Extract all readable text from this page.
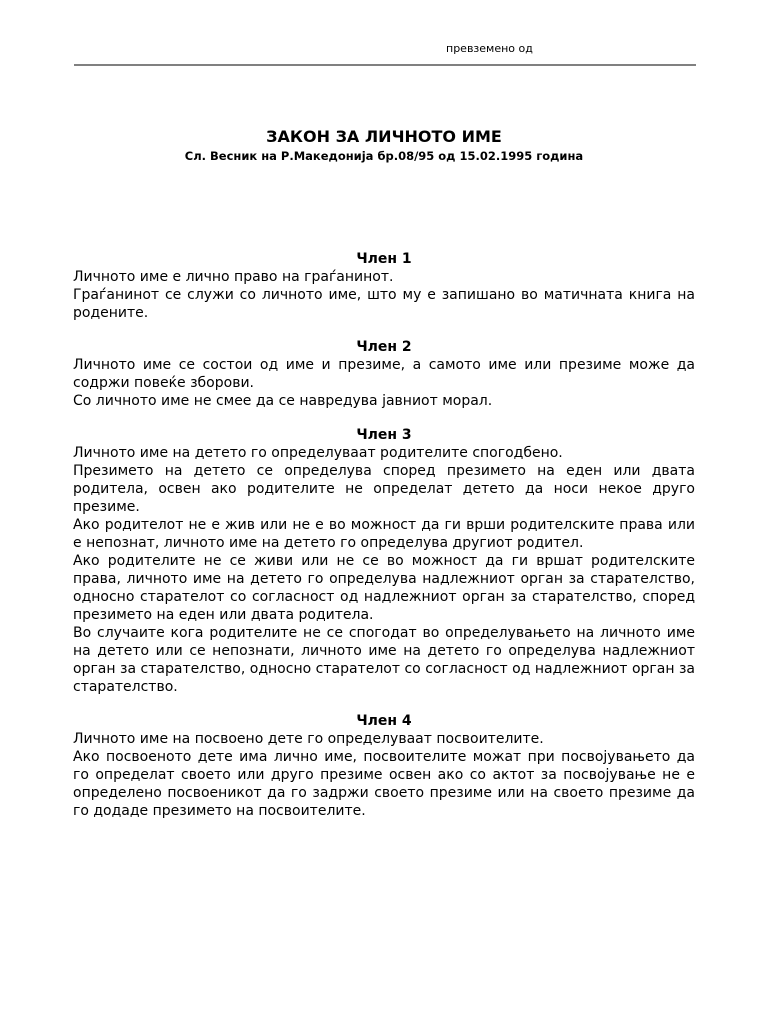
превземено од
ЗАКОН ЗА ЛИЧНОТО ИМЕ
Сл. Весник на Р.Македонија бр.08/95 од 15.02.1995 година

Член 1

Личното име е лично право на граѓанинот.

Граѓанинот се служи со личното име, што му е запишано во матичната книга на родените.

Член 2

Личното име се состои од име и презиме, а самото име или презиме може да содржи повеќе зборови.

Со личното име не смее да се навредува јавниот морал.

Член 3

Личното име на детето го определуваат родителите спогодбено.

Презимето на детето се определува според презимето на еден или двата родитела, освен ако родителите не определат детето да носи некое друго презиме.

Ако родителот не е жив или не е во можност да ги врши родителските права или е непознат, личното име на детето го определува другиот родител.

Ако родителите не се живи или не се во можност да ги вршат родителските права, личното име на детето го определува надлежниот орган за старателство, односно старателот со согласност од надлежниот орган за старателство, според презимето на еден или двата родитела.

Во случаите кога родителите не се спогодат во определувањето на личното име на детето или се непознати, личното име на детето го определува надлежниот орган за старателство, односно старателот со согласност од надлежниот орган за старателство.

Член 4

Личното име на посвоено дете го определуваат посвоителите.

Ако посвоеното дете има лично име, посвоителите можат при посвојувањето да го определат своето или друго презиме освен ако со актот за посвојување не е определено посвоеникот да го задржи своето презиме или на своето презиме да го додаде презимето на посвоителите.
